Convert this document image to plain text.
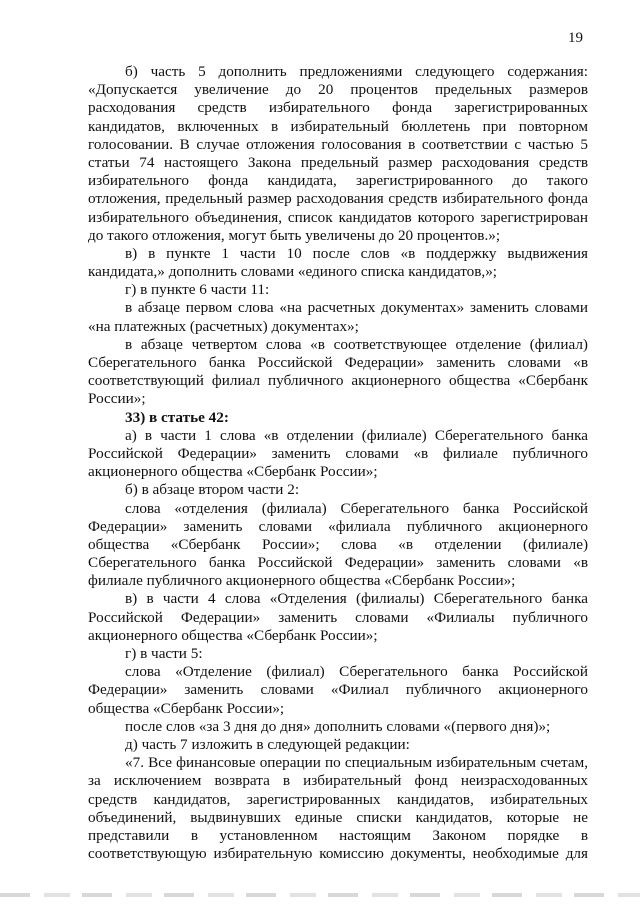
19
б) часть 5 дополнить предложениями следующего содержания:
«Допускается увеличение до 20 процентов предельных размеров
расходования средств избирательного фонда зарегистрированных
кандидатов, включенных в избирательный бюллетень при повторном
голосовании. В случае отложения голосования в соответствии с частью 5
статьи 74 настоящего Закона предельный размер расходования средств
избирательного фонда кандидата, зарегистрированного до такого
отложения, предельный размер расходования средств избирательного фонда
избирательного объединения, список кандидатов которого зарегистрирован
до такого отложения, могут быть увеличены до 20 процентов.»;
в) в пункте 1 части 10 после слов «в поддержку выдвижения
кандидата,» дополнить словами «единого списка кандидатов,»;
г) в пункте 6 части 11:
в абзаце первом слова «на расчетных документах» заменить словами
«на платежных (расчетных) документах»;
в абзаце четвертом слова «в соответствующее отделение (филиал)
Сберегательного банка Российской Федерации» заменить словами «в
соответствующий филиал публичного акционерного общества «Сбербанк
России»;
33) в статье 42:
а) в части 1 слова «в отделении (филиале) Сберегательного банка
Российской Федерации» заменить словами «в филиале публичного
акционерного общества «Сбербанк России»;
б) в абзаце втором части 2:
слова «отделения (филиала) Сберегательного банка Российской
Федерации» заменить словами «филиала публичного акционерного
общества «Сбербанк России»; слова «в отделении (филиале)
Сберегательного банка Российской Федерации» заменить словами «в
филиале публичного акционерного общества «Сбербанк России»;
в) в части 4 слова «Отделения (филиалы) Сберегательного банка
Российской Федерации» заменить словами «Филиалы публичного
акционерного общества «Сбербанк России»;
г) в части 5:
слова «Отделение (филиал) Сберегательного банка Российской
Федерации» заменить словами «Филиал публичного акционерного
общества «Сбербанк России»;
после слов «за 3 дня до дня» дополнить словами «(первого дня)»;
д) часть 7 изложить в следующей редакции:
«7. Все финансовые операции по специальным избирательным счетам,
за исключением возврата в избирательный фонд неизрасходованных
средств кандидатов, зарегистрированных кандидатов, избирательных
объединений, выдвинувших единые списки кандидатов, которые не
представили в установленном настоящим Законом порядке в
соответствующую избирательную комиссию документы, необходимые для
